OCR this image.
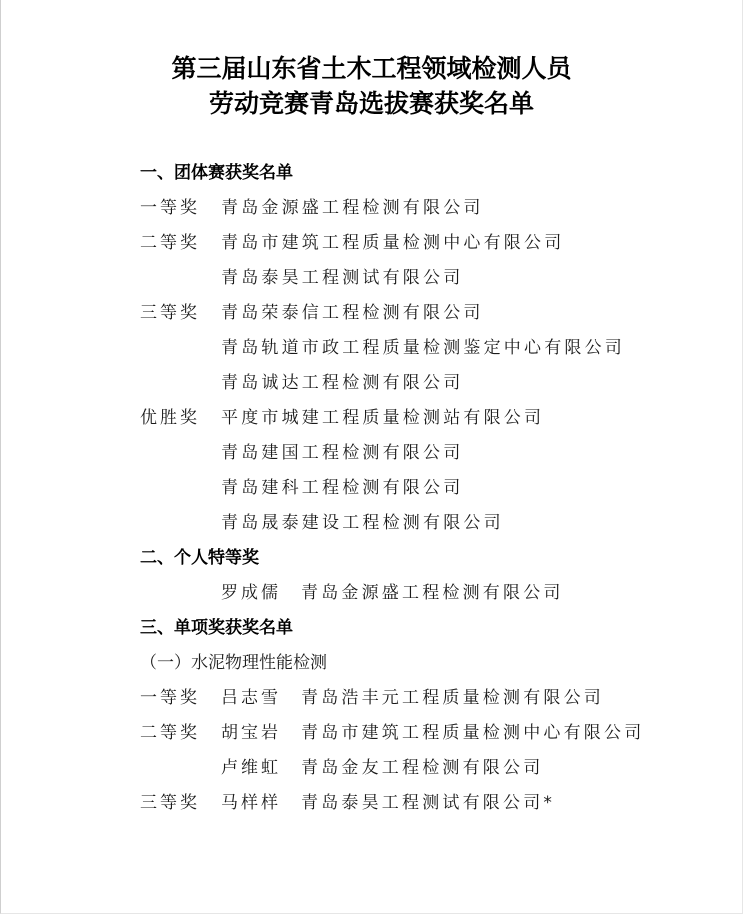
第三届山东省土木工程领域检测人员
劳动竞赛青岛选拔赛获奖名单
一、团体赛获奖名单
一等奖 青岛金源盛工程检测有限公司
二等奖 青岛市建筑工程质量检测中心有限公司
青岛泰昊工程测试有限公司
三等奖 青岛荣泰信工程检测有限公司
青岛轨道市政工程质量检测鉴定中心有限公司
青岛诚达工程检测有限公司
优胜奖 平度市城建工程质量检测站有限公司
青岛建国工程检测有限公司
青岛建科工程检测有限公司
青岛晟泰建设工程检测有限公司
二、个人特等奖
罗成儒 青岛金源盛工程检测有限公司
三、单项奖获奖名单
（一）水泥物理性能检测
一等奖 吕志雪 青岛浩丰元工程质量检测有限公司
二等奖 胡宝岩 青岛市建筑工程质量检测中心有限公司
卢维虹 青岛金友工程检测有限公司
三等奖 马样样 青岛泰昊工程测试有限公司*
